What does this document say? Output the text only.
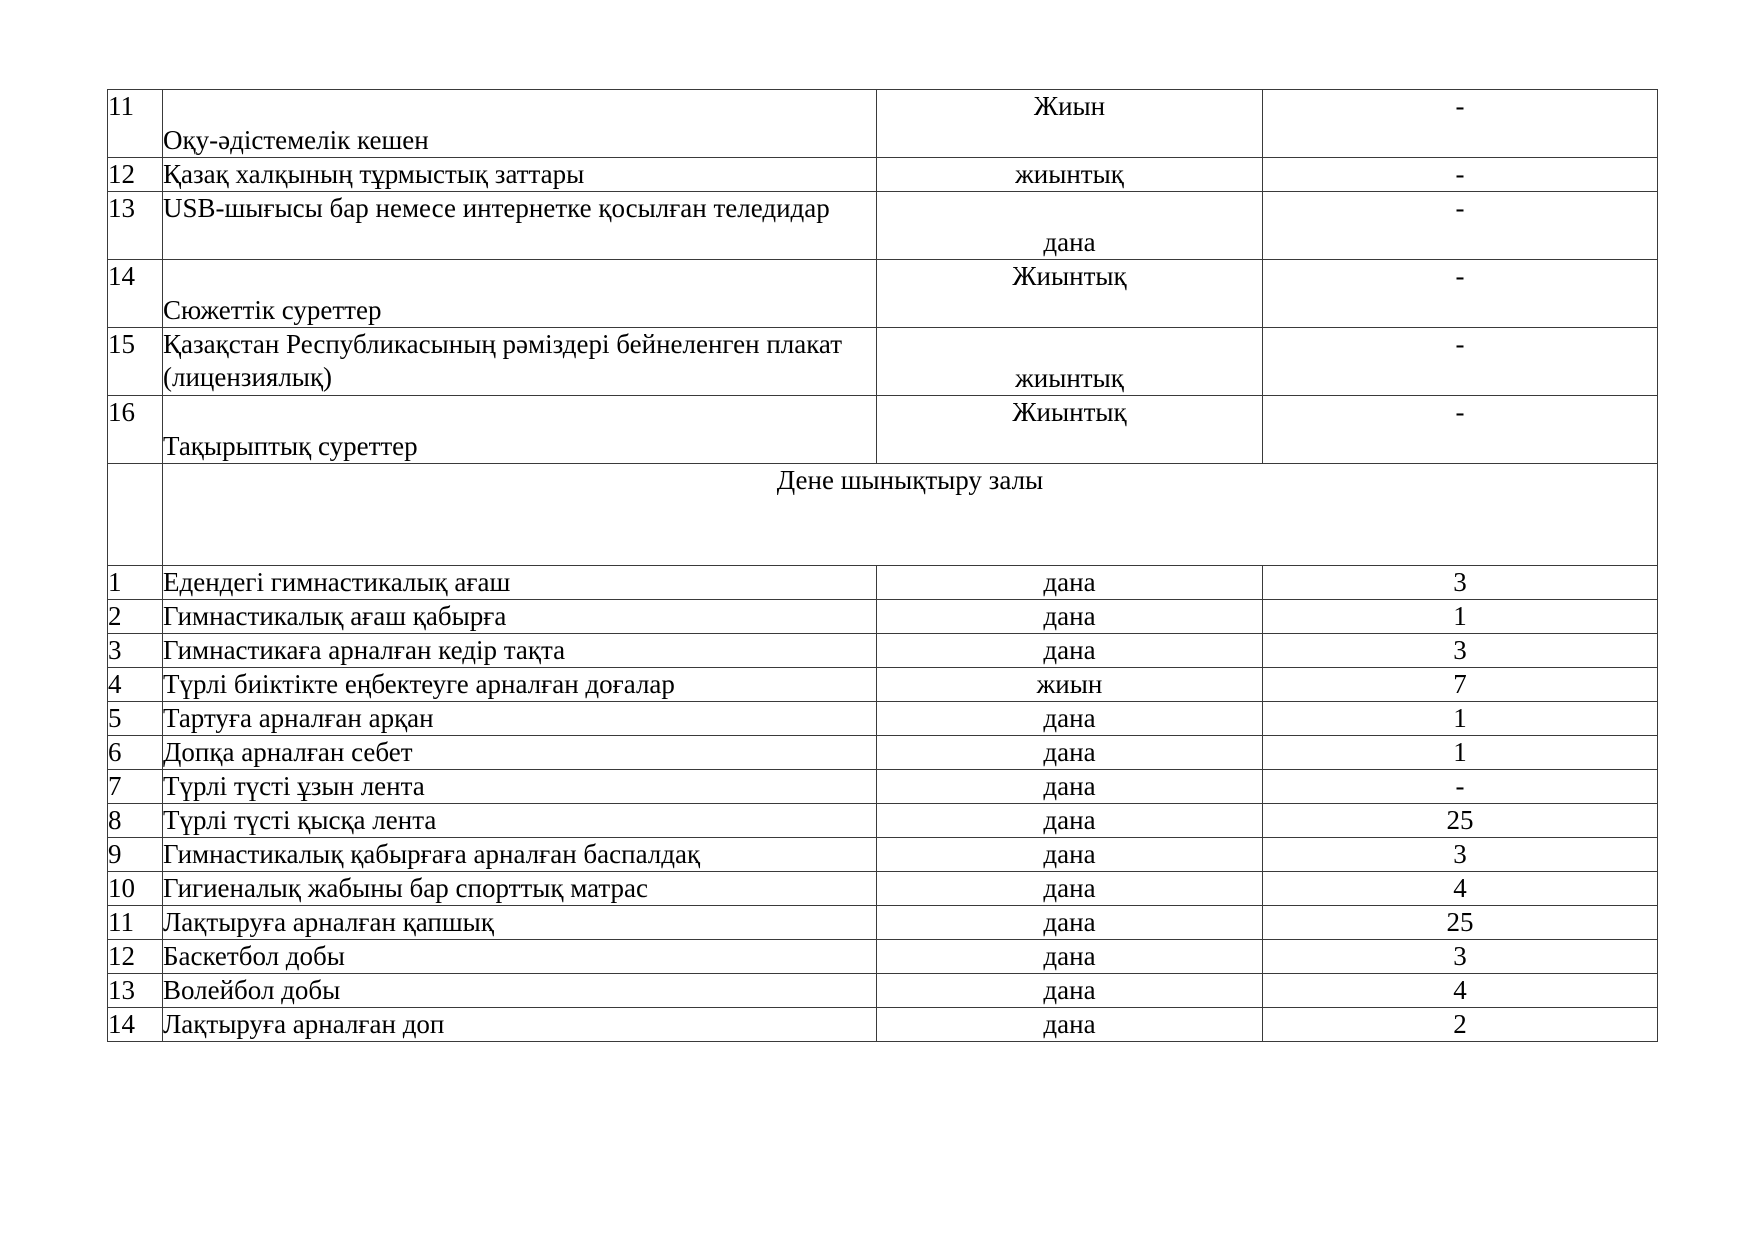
11	Оқу-әдістемелік кешен	Жиын	-

12	Қазақ халқының тұрмыстық заттары	жиынтық	-

13	USB-шығысы бар немесе интернетке қосылған теледидар	дана	-

14	Сюжеттік суреттер	Жиынтық	-

15	Қазақстан Республикасының рәміздері бейнеленген плакат (лицензиялық)	жиынтық	-

16	Тақырыптық суреттер	Жиынтық	-

	Дене шынықтыру залы		
1	Едендегі гимнастикалық ағаш	дана	3
2	Гимнастикалық ағаш қабырға	дана	1
3	Гимнастикаға арналған кедір тақта	дана	3
4	Түрлі биіктікте еңбектеуге арналған доғалар	жиын	7
5	Тартуға арналған арқан	дана	1
6	Допқа арналған себет	дана	1
7	Түрлі түсті ұзын лента	дана	-
8	Түрлі түсті қысқа лента	дана	25
9	Гимнастикалық қабырғаға арналған баспалдақ	дана	3
10	Гигиеналық жабыны бар спорттық матрас	дана	4
11	Лақтыруға арналған қапшық	дана	25
12	Баскетбол добы	дана	3
13	Волейбол добы	дана	4
14	Лақтыруға арналған доп	дана	2
